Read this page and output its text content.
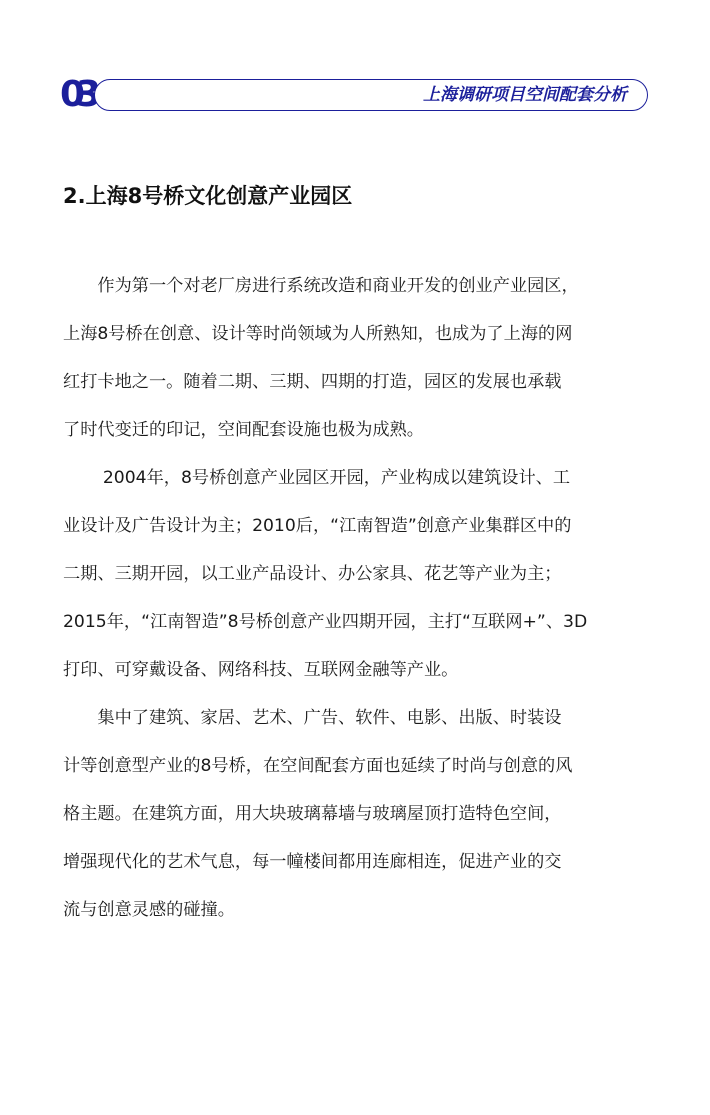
03	上海调研项目空间配套分析
2.上海8号桥文化创意产业园区
　　作为第一个对老厂房进行系统改造和商业开发的创业产业园区，
上海8号桥在创意、设计等时尚领域为人所熟知，也成为了上海的网
红打卡地之一。随着二期、三期、四期的打造，园区的发展也承载
了时代变迁的印记，空间配套设施也极为成熟。
　　 2004年，8号桥创意产业园区开园，产业构成以建筑设计、工
业设计及广告设计为主；2010后，“江南智造”创意产业集群区中的
二期、三期开园，以工业产品设计、办公家具、花艺等产业为主；
2015年，“江南智造”8号桥创意产业四期开园，主打“互联网+”、3D
打印、可穿戴设备、网络科技、互联网金融等产业。
　　集中了建筑、家居、艺术、广告、软件、电影、出版、时装设
计等创意型产业的8号桥，在空间配套方面也延续了时尚与创意的风
格主题。在建筑方面，用大块玻璃幕墙与玻璃屋顶打造特色空间，
增强现代化的艺术气息，每一幢楼间都用连廊相连，促进产业的交
流与创意灵感的碰撞。
